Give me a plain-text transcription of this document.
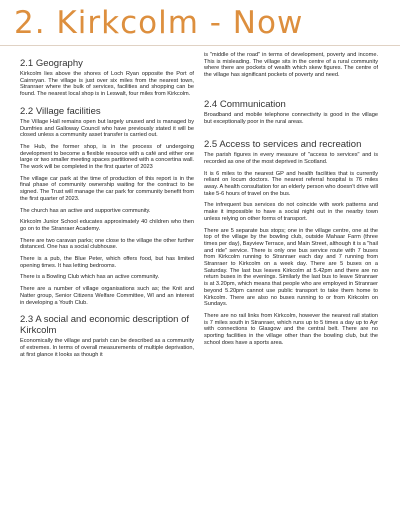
2. Kirkcolm - Now
2.1 Geography

Kirkcolm lies above the shores of Loch Ryan opposite the Port of Cairnryan. The village is just over six miles from the nearest town, Stranraer where the bulk of services, facilities and shopping can be found. The nearest local shop is in Leswalt, four miles from Kirkcolm.

2.2 Village facilities

The Village Hall remains open but largely unused and is managed by Dumfries and Galloway Council who have previously stated it will be closed unless a community asset transfer is carried out.

The Hub, the former shop, is in the process of undergoing development to become a flexible resource with a café and either one large or two smaller meeting spaces partitioned with a concertina wall. The work will be completed in the first quarter of 2023

The village car park at the time of production of this report is in the final phase of community ownership waiting for the contract to be signed. The Trust will manage the car park for community benefit from the first quarter of 2023.

The church has an active and supportive community.

Kirkcolm Junior School educates approximately 40 children who then go on to the Stranraer Academy.

There are two caravan parks; one close to the village the other further distanced. One has a social clubhouse.

There is a pub, the Blue Peter, which offers food, but has limited opening times. It has letting bedrooms.

There is a Bowling Club which has an active community.

There are a number of village organisations such as; the Knit and Natter group, Senior Citizens Welfare Committee, WI and an interest in developing a Youth Club.

2.3 A social and economic description of Kirkcolm

Economically the village and parish can be described as a community of extremes. In terms of overall measurements of multiple deprivation, at first glance it looks as though it

is "middle of the road" in terms of development, poverty and income. This is misleading. The village sits in the centre of a rural community where there are pockets of wealth which skew figures. The centre of the village has significant pockets of poverty and need.

2.4 Communication

Broadband and mobile telephone connectivity is good in the village but exceptionally poor in the rural areas.

2.5 Access to services and recreation

The parish figures in every measure of "access to services" and is recorded as one of the most deprived in Scotland.

It is 6 miles to the nearest GP and health facilities that is currently reliant on locum doctors. The nearest referral hospital is 76 miles away. A health consultation for an elderly person who doesn't drive will take 5-6 hours of travel on the bus.

The infrequent bus services do not coincide with work patterns and make it impossible to have a social night out in the nearby town unless relying on other forms of transport.

There are 5 separate bus stops; one in the village centre, one at the top of the village by the bowling club, outside Mahaar Farm (three times per day), Bayview Terrace, and Main Street, although it is a "hail and ride" service. There is only one bus service route with 7 buses from Kirkcolm running to Stranraer each day and 7 running from Stranraer to Kirkcolm on a week day. There are 5 buses on a Saturday. The last bus leaves Kirkcolm at 5.42pm and there are no return buses in the evenings. Similarly the last bus to leave Stranraer is at 3.20pm, which means that people who are employed in Stranraer beyond 5.20pm cannot use public transport to take them home to Kirkcolm. There are also no buses running to or from Kirkcolm on Sundays.

There are no rail links from Kirkcolm, however the nearest rail station is 7 miles south in Stranraer, which runs up to 5 times a day up to Ayr with connections to Glasgow and the central belt. There are no sporting facilities in the village other than the bowling club, but the school does have a sports area.
